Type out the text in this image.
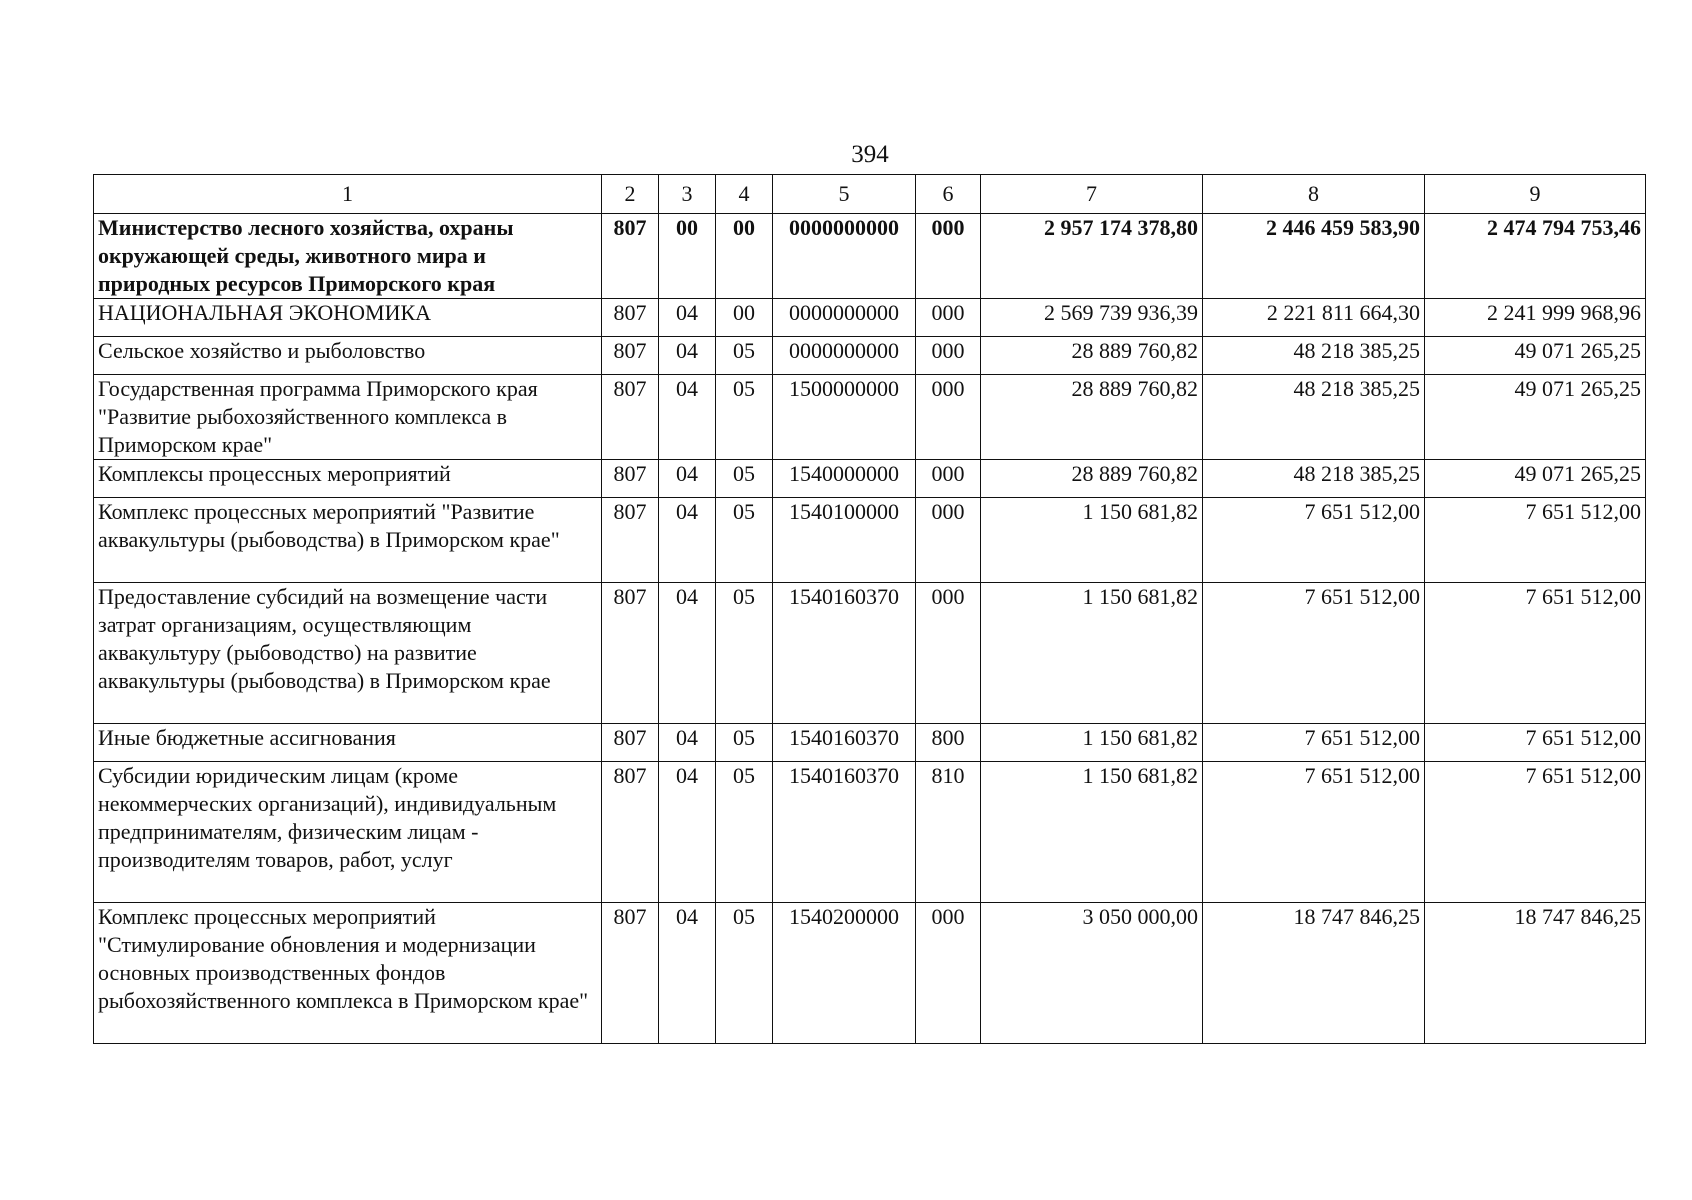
394
1	2	3	4	5	6	7	8	9
Министерство лесного хозяйства, охраны окружающей среды, животного мира и природных ресурсов Приморского края	807	00	00	0000000000	000	2 957 174 378,80	2 446 459 583,90	2 474 794 753,46
НАЦИОНАЛЬНАЯ ЭКОНОМИКА	807	04	00	0000000000	000	2 569 739 936,39	2 221 811 664,30	2 241 999 968,96
Сельское хозяйство и рыболовство	807	04	05	0000000000	000	28 889 760,82	48 218 385,25	49 071 265,25
Государственная программа Приморского края "Развитие рыбохозяйственного комплекса в Приморском крае"	807	04	05	1500000000	000	28 889 760,82	48 218 385,25	49 071 265,25
Комплексы процессных мероприятий	807	04	05	1540000000	000	28 889 760,82	48 218 385,25	49 071 265,25
Комплекс процессных мероприятий "Развитие аквакультуры (рыбоводства) в Приморском крае"	807	04	05	1540100000	000	1 150 681,82	7 651 512,00	7 651 512,00
Предоставление субсидий на возмещение части затрат организациям, осуществляющим аквакультуру (рыбоводство) на развитие аквакультуры (рыбоводства) в Приморском крае	807	04	05	1540160370	000	1 150 681,82	7 651 512,00	7 651 512,00
Иные бюджетные ассигнования	807	04	05	1540160370	800	1 150 681,82	7 651 512,00	7 651 512,00
Субсидии юридическим лицам (кроме некоммерческих организаций), индивидуальным предпринимателям, физическим лицам - производителям товаров, работ, услуг	807	04	05	1540160370	810	1 150 681,82	7 651 512,00	7 651 512,00
Комплекс процессных мероприятий "Стимулирование обновления и модернизации основных производственных фондов рыбохозяйственного комплекса в Приморском крае"	807	04	05	1540200000	000	3 050 000,00	18 747 846,25	18 747 846,25
